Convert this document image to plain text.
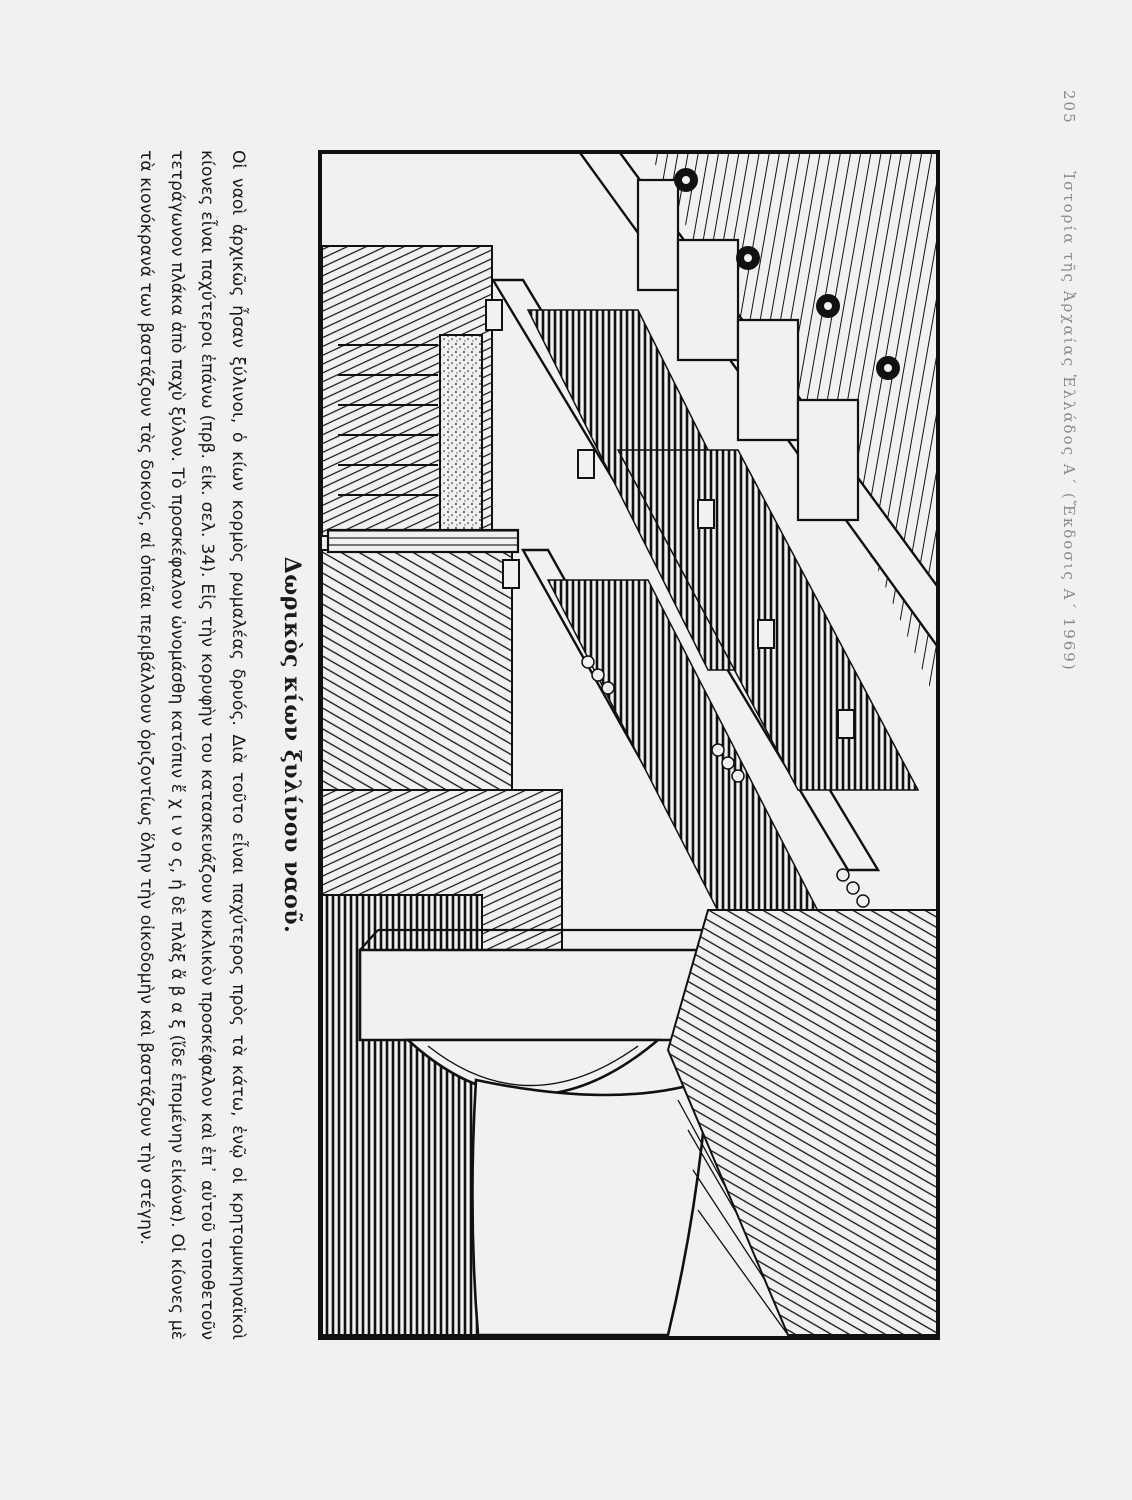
205 Ἱστορία τῆς Ἀρχαίας Ἑλλάδος Α΄ (Ἔκδοσις Α΄ 1969)

Δωρικὸς κίων ξυλίνου ναοῦ.

Οἱ ναοὶ ἀρχικῶς ἦσαν ξύλινοι, ὁ κίων κορμὸς ρωμαλέας δρυός. Διὰ τοῦτο εἶναι παχύτερος πρὸς τὰ κάτω, ἐνῷ οἱ κρητομυκηναϊκοὶ κίονες εἶναι παχύτεροι ἐπάνω (πρβ. εἰκ. σελ. 34). Εἰς τὴν κορυφὴν του κατασκευάζουν κυκλικὸν προσκέφαλον καὶ ἐπ᾽ αὐτοῦ τοποθετοῦν τετράγωνον πλάκα ἀπὸ παχὺ ξύλον. Τὸ προσκέφαλον ὠνομάσθη κατόπιν ἔ χ ι ν ο ς, ἡ δὲ πλὰξ ἄ β α ξ (ἴδε ἑπομένην εἰκόνα). Οἱ κίονες μὲ τὰ κιονόκρανά των βαστάζουν τὰς δοκούς, αἱ ὁποῖαι περιβάλλουν ὁριζοντίως ὅλην τὴν οἰκοδομὴν καὶ βαστάζουν τὴν στέγην.
